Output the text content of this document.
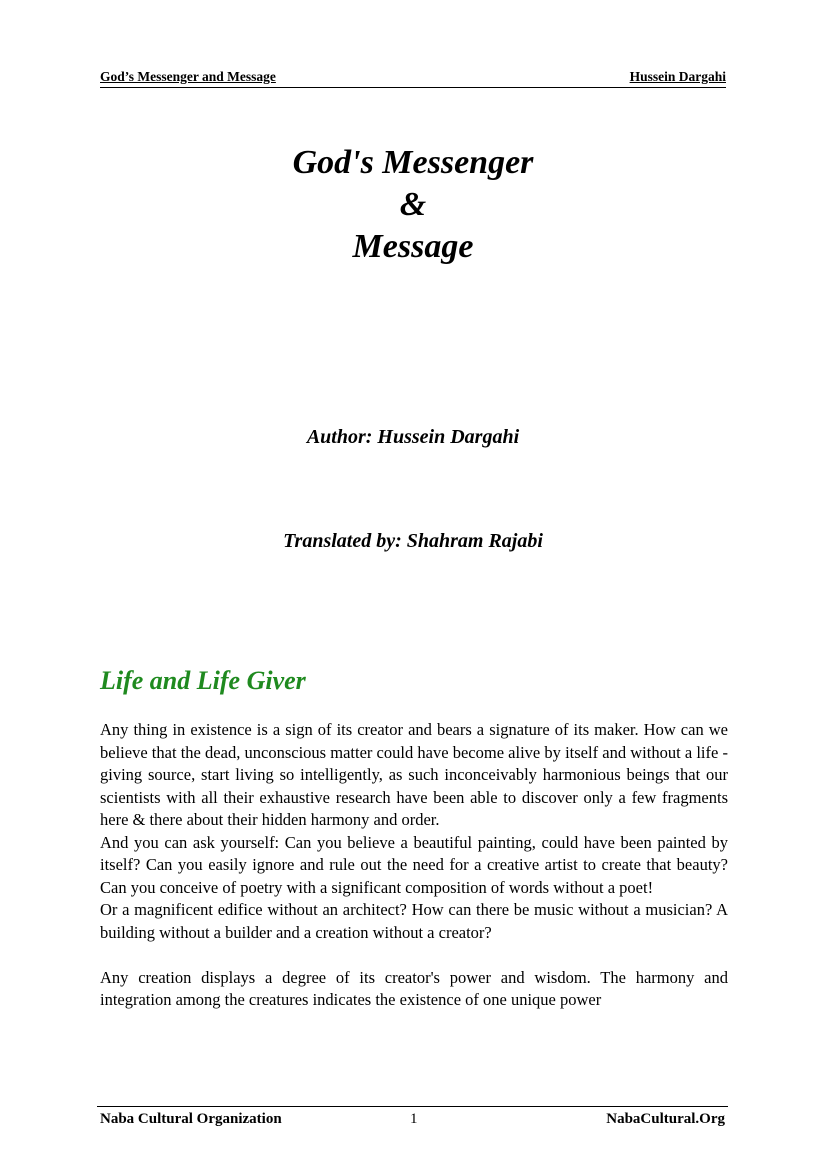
God’s Messenger and Message	Hussein Dargahi
God's Messenger
&
Message
Author: Hussein Dargahi
Translated by: Shahram Rajabi
Life and Life Giver

Any thing in existence is a sign of its creator and bears a signature of its maker. How can we believe that the dead, unconscious matter could have become alive by itself and without a life - giving source, start living so intelligently, as such inconceivably harmonious beings that our scientists with all their exhaustive research have been able to discover only a few fragments here & there about their hidden harmony and order.

And you can ask yourself: Can you believe a beautiful painting, could have been painted by itself? Can you easily ignore and rule out the need for a creative artist to create that beauty? Can you conceive of poetry with a significant composition of words without a poet!

Or a magnificent edifice without an architect? How can there be music without a musician? A building without a builder and a creation without a creator?

Any creation displays a degree of its creator's power and wisdom. The harmony and integration among the creatures indicates the existence of one unique power

Naba Cultural Organization	1	NabaCultural.Org
